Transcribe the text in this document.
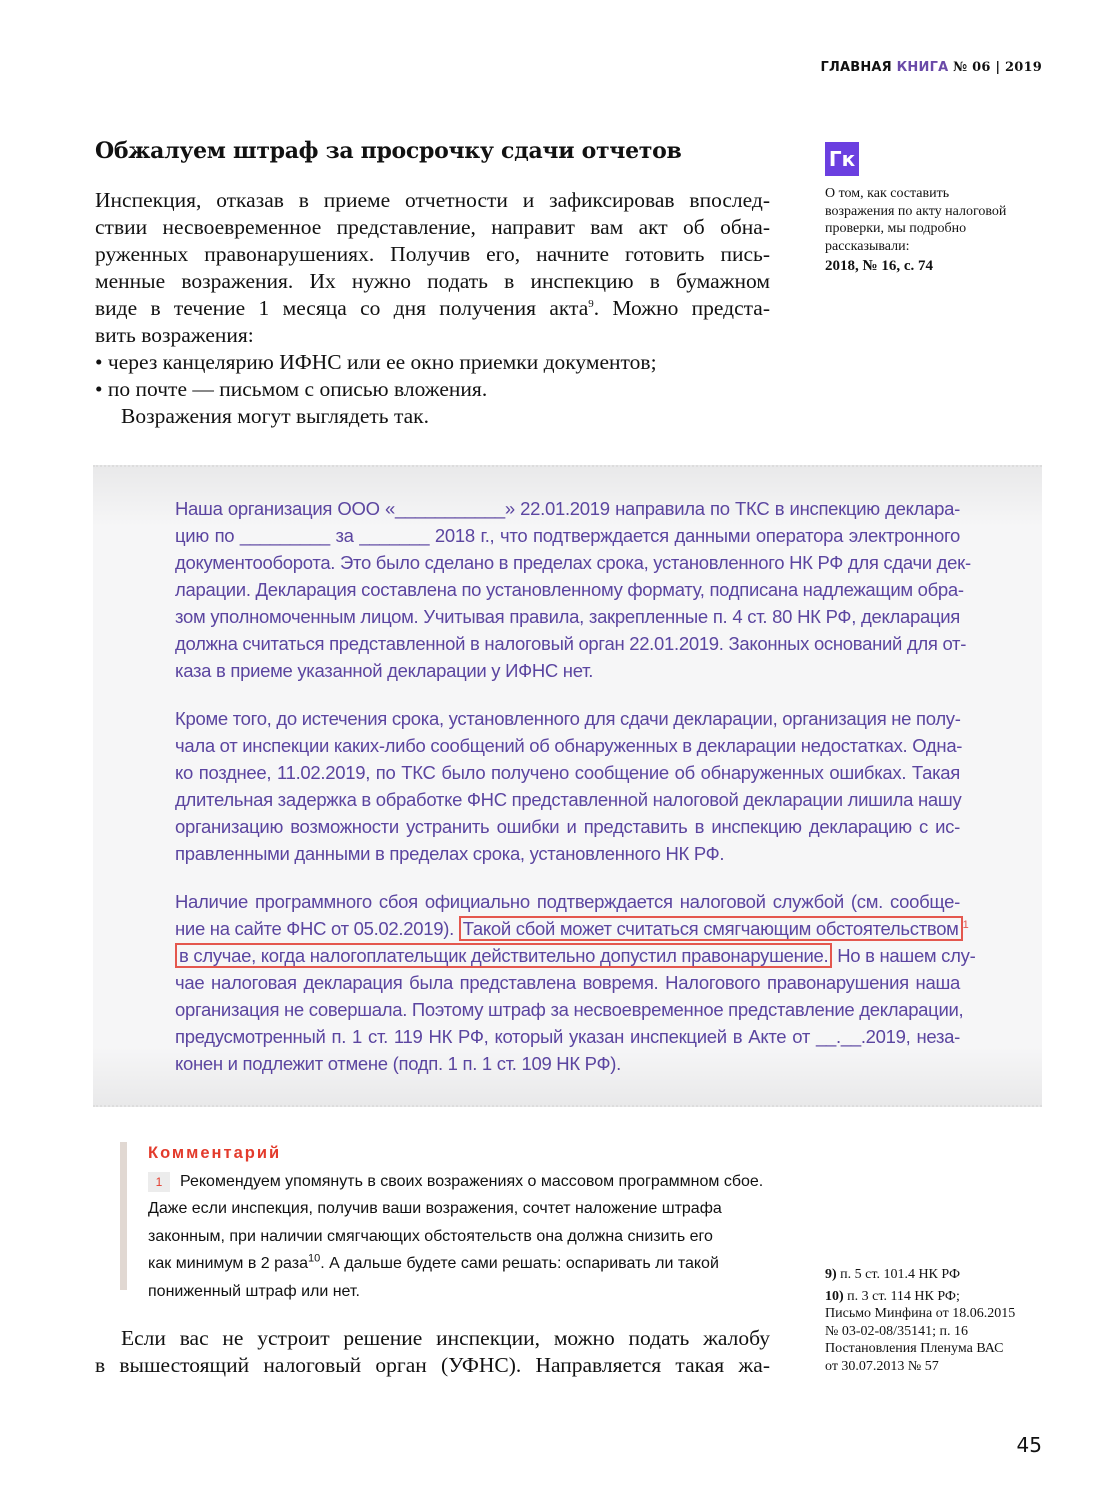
ГЛАВНАЯ КНИГА № 06 | 2019
Обжалуем штраф за просрочку сдачи отчетов
Инспекция, отказав в приеме отчетности и зафиксировав впослед-
ствии несвоевременное представление, направит вам акт об обна-
руженных правонарушениях. Получив его, начните готовить пись-
менные возражения. Их нужно подать в инспекцию в бумажном
виде в течение 1 месяца со дня получения акта$^9$. Можно предста-
вить возражения:
• через канцелярию ИФНС или ее окно приемки документов;
• по почте — письмом с описью вложения.
Возражения могут выглядеть так.
Гк
О том, как составить
возражения по акту налоговой
проверки, мы подробно
рассказывали:
2018, № 16, с. 74
Наша организация ООО «___________» 22.01.2019 направила по ТКС в инспекцию деклара-
цию по _________ за _______ 2018 г., что подтверждается данными оператора электронного
документооборота. Это было сделано в пределах срока, установленного НК РФ для сдачи дек-
ларации. Декларация составлена по установленному формату, подписана надлежащим обра-
зом уполномоченным лицом. Учитывая правила, закрепленные п. 4 ст. 80 НК РФ, декларация
должна считаться представленной в налоговый орган 22.01.2019. Законных оснований для от-
каза в приеме указанной декларации у ИФНС нет.
Кроме того, до истечения срока, установленного для сдачи декларации, организация не полу-
чала от инспекции каких-либо сообщений об обнаруженных в декларации недостатках. Однa-
ко позднее, 11.02.2019, по ТКС было получено сообщение об обнаруженных ошибках. Такая
длительная задержка в обработке ФНС представленной налоговой декларации лишила нашу
организацию возможности устранить ошибки и представить в инспекцию декларацию с ис-
правленными данными в пределах срока, установленного НК РФ.
Наличие программного сбоя официально подтверждается налоговой службой (см. сообще-
ние на сайте ФНС от 05.02.2019). Такой сбой может считаться смягчающим обстоятельством $^1$
в случае, когда налогоплательщик действительно допустил правонарушение. Но в нашем слу-
чае налоговая декларация была представлена вовремя. Налогового правонарушения наша
организация не совершала. Поэтому штраф за несвоевременное представление декларации,
предусмотренный п. 1 ст. 119 НК РФ, который указан инспекцией в Акте от __.__.2019, неза-
конен и подлежит отмене (подп. 1 п. 1 ст. 109 НК РФ).
Комментарий
1 Рекомендуем упомянуть в своих возражениях о массовом программном сбое.
Даже если инспекция, получив ваши возражения, сочтет наложение штрафа
законным, при наличии смягчающих обстоятельств она должна снизить его
как минимум в 2 раза$^{10}$. А дальше будете сами решать: оспаривать ли такой
пониженный штраф или нет.
Если вас не устроит решение инспекции, можно подать жалобу
в вышестоящий налоговый орган (УФНС). Направляется такая жа-
9) п. 5 ст. 101.4 НК РФ
10) п. 3 ст. 114 НК РФ;
Письмо Минфина от 18.06.2015
№ 03-02-08/35141; п. 16
Постановления Пленума ВАС
от 30.07.2013 № 57
45
